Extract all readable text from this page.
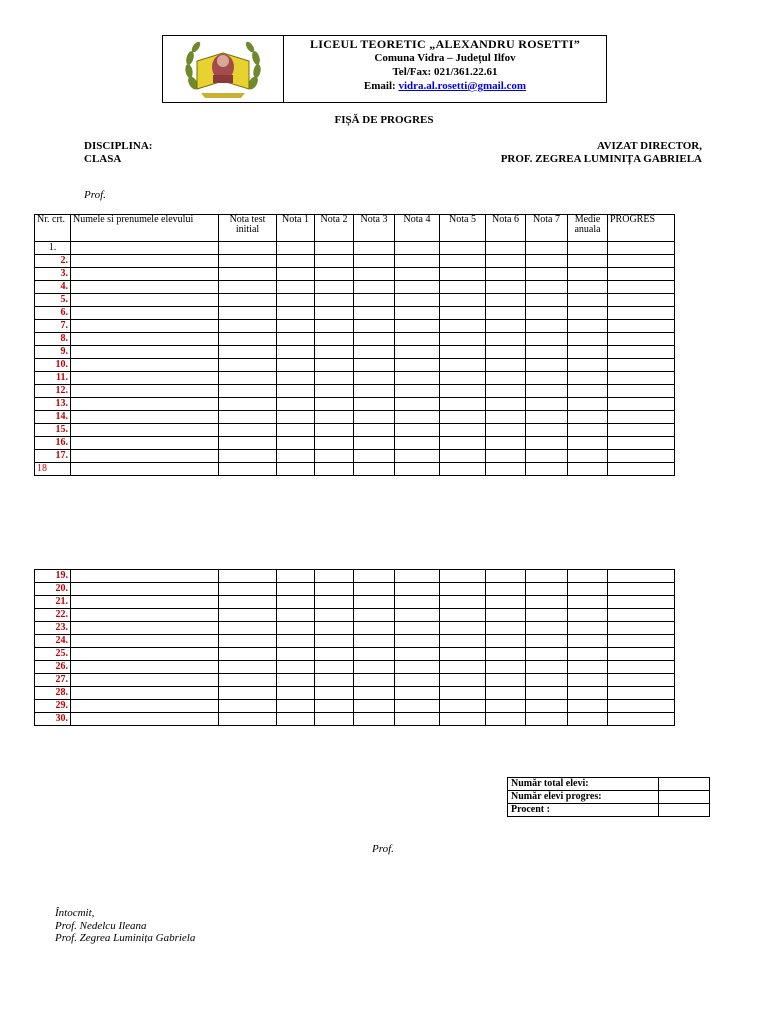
LICEUL TEORETIC „ALEXANDRU ROSETTI”
Comuna Vidra – Județul Ilfov
Tel/Fax: 021/361.22.61
Email: vidra.al.rosetti@gmail.com
FIȘĂ DE PROGRES
DISCIPLINA:
CLASA
AVIZAT DIRECTOR,
PROF. ZEGREA LUMINIȚA GABRIELA
Prof.
Nr. crt.	Numele si prenumele elevului	Nota test initial	Nota 1	Nota 2	Nota 3	Nota 4	Nota 5	Nota 6	Nota 7	Medie anuala	PROGRES
1.											
2.											
3.											
4.											
5.											
6.											
7.											
8.											
9.											
10.											
11.											
12.											
13.											
14.											
15.											
16.											
17.											
18											
19.											
20.											
21.											
22.											
23.											
24.											
25.											
26.											
27.											
28.											
29.											
30.											
Număr total elevi:	
Număr elevi progres:	
Procent :	
Prof.
Întocmit,
Prof. Nedelcu Ileana
Prof. Zegrea Luminița Gabriela
